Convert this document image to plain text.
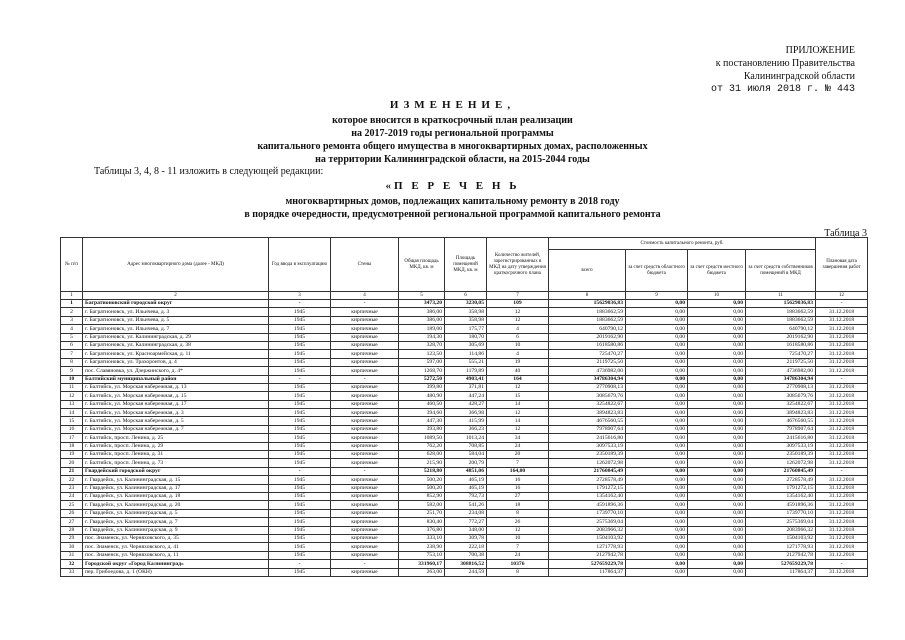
ПРИЛОЖЕНИЕ
к постановлению Правительства
Калининградской области
от 31 июля 2018 г. № 443
ИЗМЕНЕНИЕ,
которое вносится в краткосрочный план реализации
на 2017-2019 годы региональной программы
капитального ремонта общего имущества в многоквартирных домах, расположенных
на территории Калининградской области, на 2015-2044 годы
Таблицы 3, 4, 8 - 11 изложить в следующей редакции:
«П Е Р Е Ч Е Н Ь
многоквартирных домов, подлежащих капитальному ремонту в 2018 году
в порядке очередности, предусмотренной региональной программой капитального ремонта
Таблица 3
№ п/п	Адрес многоквартирного дома (далее - МКД)	Год ввода в эксплуатацию	Стены	Общая площадь МКД, кв. м	Площадь помещений МКД, кв. м	Количество жителей, зарегистрированных в МКД на дату утверждения краткосрочного плана	Стоимость капитального ремонта, руб.				Плановая дата завершения работ
							всего	за счет средств областного бюджета	за счет средств местного бюджета	за счет средств собственников помещений в МКД	
1	2	3	4	5	6	7	8	9	10	11	12
1	Багратионовский городской округ	-	-	3473,20	3230,05	109	15629036,83	0,00	0,00	15629036,83	-
2	г. Багратионовск, ул. Ильичева, д. 3	1945	кирпичные	386,00	358,98	12	1883662,59	0,00	0,00	1883662,59	31.12.2018
3	г. Багратионовск, ул. Ильичева, д. 5	1945	кирпичные	386,00	358,98	12	1883662,59	0,00	0,00	1883662,59	31.12.2018
4	г. Багратионовск, ул. Ильичева, д. 7	1945	кирпичные	189,00	175,77	4	640790,12	0,00	0,00	640790,12	31.12.2018
5	г. Багратионовск, ул. Калининградская, д. 29	1945	кирпичные	194,30	180,70	6	2019162,90	0,00	0,00	2019162,90	31.12.2018
6	г. Багратионовск, ул. Калининградская, д. 38	1945	кирпичные	328,70	305,69	10	1618580,86	0,00	0,00	1618580,86	31.12.2018
7	г. Багратионовск, ул. Красноармейская, д. 11	1945	кирпичные	123,50	114,86	4	725470,27	0,00	0,00	725470,27	31.12.2018
8	г. Багратионовск, ул. Трахоронтов, д. 4	1945	кирпичные	597,00	555,21	19	2119725,50	0,00	0,00	2119725,50	31.12.2018
9	пос. Славяновка, ул. Дзержинского, д. 4*	1945	кирпичные	1268,70	1179,89	40	4736982,00	0,00	0,00	4736982,00	31.12.2018
10	Балтийский муниципальный район	-	-	5272,50	4903,41	164	34786304,94	0,00	0,00	34786304,94	-
11	г. Балтийск, ул. Морская набережная, д. 13	1945	кирпичные	399,80	371,81	12	2770908,13	0,00	0,00	2770908,13	31.12.2018
12	г. Балтийск, ул. Морская набережная, д. 15	1945	кирпичные	480,90	447,24	15	3085679,76	0,00	0,00	3085679,76	31.12.2018
13	г. Балтийск, ул. Морская набережная, д. 17	1945	кирпичные	460,50	428,27	14	3254822,67	0,00	0,00	3254822,67	31.12.2018
14	г. Балтийск, ул. Морская набережная, д. 3	1945	кирпичные	394,60	366,98	12	3894823,83	0,00	0,00	3894823,83	31.12.2018
15	г. Балтийск, ул. Морская набережная, д. 5	1945	кирпичные	447,30	415,99	14	4676560,55	0,00	0,00	4676560,55	31.12.2018
16	г. Балтийск, ул. Морская набережная, д. 7	1945	кирпичные	393,80	366,23	12	7978907,64	0,00	0,00	7978907,64	31.12.2018
17	г. Балтийск, просп. Ленина, д. 25	1945	кирпичные	1089,50	1013,24	34	2415616,80	0,00	0,00	2415616,80	31.12.2018
18	г. Балтийск, просп. Ленина, д. 29	1945	кирпичные	762,20	708,85	24	3097533,19	0,00	0,00	3097533,19	31.12.2018
19	г. Балтийск, просп. Ленина, д. 31	1945	кирпичные	628,00	584,04	20	2350189,39	0,00	0,00	2350189,39	31.12.2018
20	г. Балтийск, просп. Ленина, д. 73	1945	кирпичные	215,90	200,79	7	1262072,98	0,00	0,00	1262072,98	31.12.2018
21	Гвардейский городской округ	-	-	5218,80	4851,06	164,00	21760845,49	0,00	0,00	21760845,49	-
22	г. Гвардейск, ул. Калининградская, д. 15	1945	кирпичные	500,20	465,19	16	2728578,49	0,00	0,00	2728578,49	31.12.2018
23	г. Гвардейск, ул. Калининградская, д. 17	1945	кирпичные	500,20	465,19	16	1791272,15	0,00	0,00	1791272,15	31.12.2018
24	г. Гвардейск, ул. Калининградская, д. 18	1945	кирпичные	852,90	792,73	27	1354162,40	0,00	0,00	1354162,40	31.12.2018
25	г. Гвардейск, ул. Калининградская, д. 20	1945	кирпичные	582,00	541,26	18	4591896,36	0,00	0,00	4591896,36	31.12.2018
26	г. Гвардейск, ул. Калининградская, д. 5	1945	кирпичные	251,70	234,08	8	1739770,10	0,00	0,00	1739770,10	31.12.2018
27	г. Гвардейск, ул. Калининградская, д. 7	1945	кирпичные	830,40	772,27	26	2575369,04	0,00	0,00	2575369,04	31.12.2018
28	г. Гвардейск, ул. Калининградская, д. 9	1945	кирпичные	376,80	348,00	12	2083966,32	0,00	0,00	2083966,32	31.12.2018
29	пос. Знаменск, ул. Черняховского, д. 35	1945	кирпичные	333,10	309,78	10	1504103,92	0,00	0,00	1504103,92	31.12.2018
30	пос. Знаменск, ул. Черняховского, д. 41	1945	кирпичные	238,90	222,18	7	1271778,93	0,00	0,00	1271778,93	31.12.2018
31	пос. Знаменск, ул. Черняховского, д. 11	1945	кирпичные	753,10	700,38	24	2127942,78	0,00	0,00	2127942,78	31.12.2018
32	Городской округ «Город Калининград»	-	-	331960,17	308816,52	10376	527659229,78	0,00	0,00	527659229,78	-
33	пер. Грибоедова, д. 1 (ОКН)	1945	кирпичные	263,00	244,59	8	117864,37	0,00	0,00	117864,37	31.12.2018
